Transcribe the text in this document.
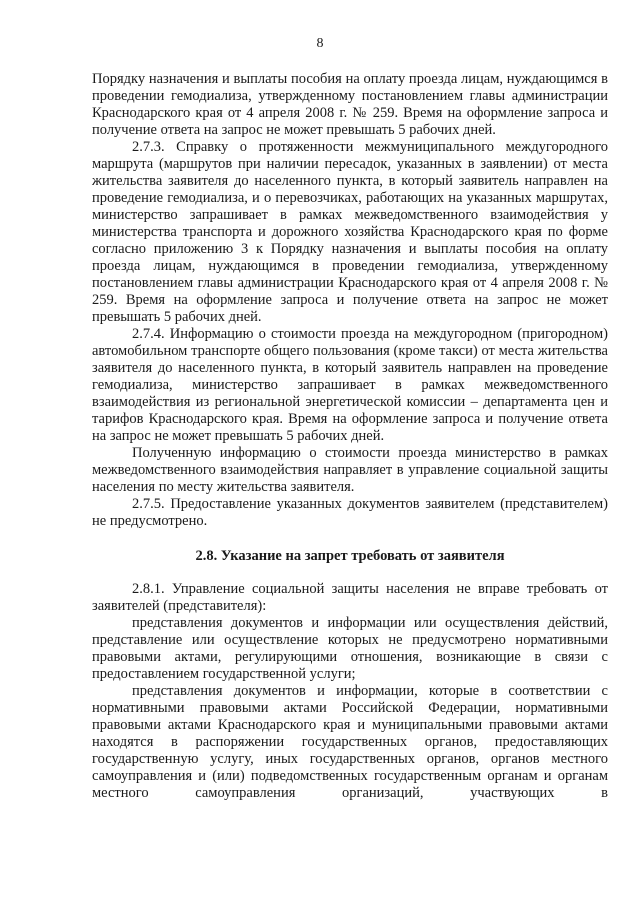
8

Порядку назначения и выплаты пособия на оплату проезда лицам, нуждающимся в проведении гемодиализа, утвержденному постановлением главы администрации Краснодарского края от 4 апреля 2008 г. № 259. Время на оформление запроса и получение ответа на запрос не может превышать 5 рабочих дней.

2.7.3. Справку о протяженности межмуниципального междугородного маршрута (маршрутов при наличии пересадок, указанных в заявлении) от места жительства заявителя до населенного пункта, в который заявитель направлен на проведение гемодиализа, и о перевозчиках, работающих на указанных маршрутах, министерство запрашивает в рамках межведомственного взаимодействия у министерства транспорта и дорожного хозяйства Краснодарского края по форме согласно приложению 3 к Порядку назначения и выплаты пособия на оплату проезда лицам, нуждающимся в проведении гемодиализа, утвержденному постановлением главы администрации Краснодарского края от 4 апреля 2008 г. № 259. Время на оформление запроса и получение ответа на запрос не может превышать 5 рабочих дней.

2.7.4. Информацию о стоимости проезда на междугородном (пригородном) автомобильном транспорте общего пользования (кроме такси) от места жительства заявителя до населенного пункта, в который заявитель направлен на проведение гемодиализа, министерство запрашивает в рамках межведомственного взаимодействия из региональной энергетической комиссии – департамента цен и тарифов Краснодарского края. Время на оформление запроса и получение ответа на запрос не может превышать 5 рабочих дней.

Полученную информацию о стоимости проезда министерство в рамках межведомственного взаимодействия направляет в управление социальной защиты населения по месту жительства заявителя.

2.7.5. Предоставление указанных документов заявителем (представителем) не предусмотрено.

2.8. Указание на запрет требовать от заявителя

2.8.1. Управление социальной защиты населения не вправе требовать от заявителей (представителя):

представления документов и информации или осуществления действий, представление или осуществление которых не предусмотрено нормативными правовыми актами, регулирующими отношения, возникающие в связи с предоставлением государственной услуги;

представления документов и информации, которые в соответствии с нормативными правовыми актами Российской Федерации, нормативными правовыми актами Краснодарского края и муниципальными правовыми актами находятся в распоряжении государственных органов, предоставляющих государственную услугу, иных государственных органов, органов местного самоуправления и (или) подведомственных государственным органам и органам местного самоуправления организаций, участвующих в
